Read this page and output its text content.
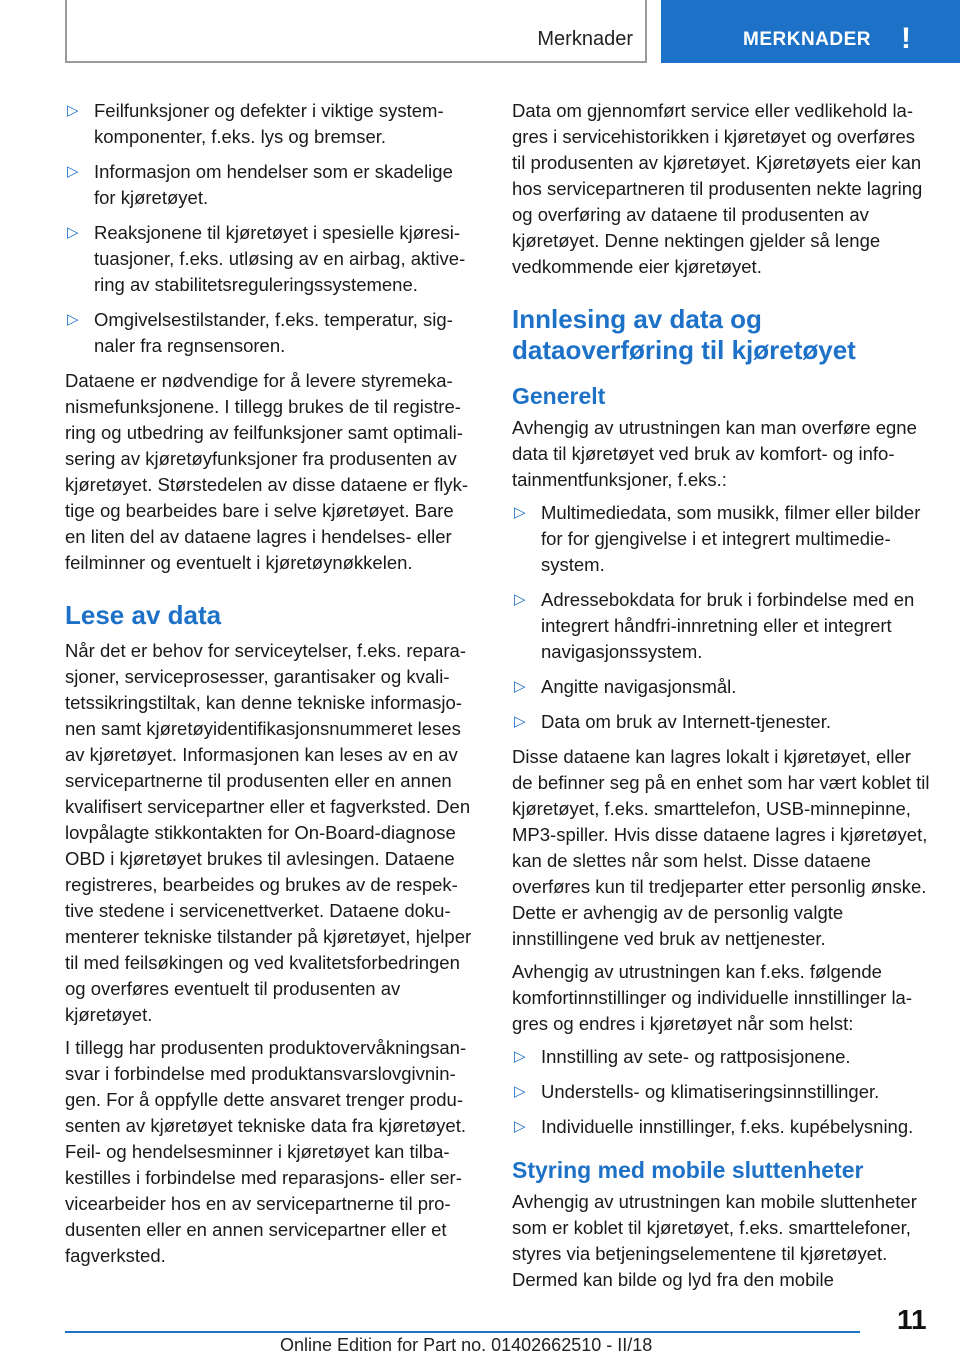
Merknader	MERKNADER !
▷ Feilfunksjoner og defekter i viktige systemkomponenter, f.eks. lys og bremser.
▷ Informasjon om hendelser som er skadelige for kjøretøyet.
▷ Reaksjonene til kjøretøyet i spesielle kjøresituasjoner, f.eks. utløsing av en airbag, aktivering av stabilitetsreguleringssystemene.
▷ Omgivelsestilstander, f.eks. temperatur, signaler fra regnsensoren.

Dataene er nødvendige for å levere styremekanismefunksjonene. I tillegg brukes de til registrering og utbedring av feilfunksjoner samt optimalisering av kjøretøyfunksjoner fra produsenten av kjøretøyet. Størstedelen av disse dataene er flyktige og bearbeides bare i selve kjøretøyet. Bare en liten del av dataene lagres i hendelses- eller feilminner og eventuelt i kjøretøynøkkelen.

Lese av data

Når det er behov for serviceytelser, f.eks. reparasjoner, serviceprosesser, garantisaker og kvalitetssikringstiltak, kan denne tekniske informasjonen samt kjøretøyidentifikasjonsnummeret leses av kjøretøyet. Informasjonen kan leses av en av servicepartnerne til produsenten eller en annen kvalifisert servicepartner eller et fagverksted. Den lovpålagte stikkontakten for On-Board-diagnose OBD i kjøretøyet brukes til avlesingen. Dataene registreres, bearbeides og brukes av de respektive stedene i servicenettverket. Dataene dokumenterer tekniske tilstander på kjøretøyet, hjelper til med feilsøkingen og ved kvalitetsforbedringen og overføres eventuelt til produsenten av kjøretøyet.

I tillegg har produsenten produktovervåkningsansvar i forbindelse med produktansvarslovgivningen. For å oppfylle dette ansvaret trenger produsenten av kjøretøyet tekniske data fra kjøretøyet. Feil- og hendelsesminner i kjøretøyet kan tilbakestilles i forbindelse med reparasjons- eller servicearbeider hos en av servicepartnerne til produsenten eller en annen servicepartner eller et fagverksted.

Data om gjennomført service eller vedlikehold lagres i servicehistorikken i kjøretøyet og overføres til produsenten av kjøretøyet. Kjøretøyets eier kan hos servicepartneren til produsenten nekte lagring og overføring av dataene til produsenten av kjøretøyet. Denne nektingen gjelder så lenge vedkommende eier kjøretøyet.

Innlesing av data og dataoverføring til kjøretøyet
Generelt

Avhengig av utrustningen kan man overføre egne data til kjøretøyet ved bruk av komfort- og infotainmentfunksjoner, f.eks.:

▷ Multimediedata, som musikk, filmer eller bilder for for gjengivelse i et integrert multimediesystem.
▷ Adressebokdata for bruk i forbindelse med en integrert håndfri-innretning eller et integrert navigasjonssystem.
▷ Angitte navigasjonsmål.
▷ Data om bruk av Internett-tjenester.

Disse dataene kan lagres lokalt i kjøretøyet, eller de befinner seg på en enhet som har vært koblet til kjøretøyet, f.eks. smarttelefon, USB-minnepinne, MP3-spiller. Hvis disse dataene lagres i kjøretøyet, kan de slettes når som helst. Disse dataene overføres kun til tredjeparter etter personlig ønske. Dette er avhengig av de personlig valgte innstillingene ved bruk av nettjenester.

Avhengig av utrustningen kan f.eks. følgende komfortinnstillinger og individuelle innstillinger lagres og endres i kjøretøyet når som helst:

▷ Innstilling av sete- og rattposisjonene.
▷ Understells- og klimatiseringsinnstillinger.
▷ Individuelle innstillinger, f.eks. kupébelysning.
Styring med mobile sluttenheter

Avhengig av utrustningen kan mobile sluttenheter som er koblet til kjøretøyet, f.eks. smarttelefoner, styres via betjeningselementene til kjøretøyet. Dermed kan bilde og lyd fra den mobile

11
Online Edition for Part no. 01402662510 - II/18
